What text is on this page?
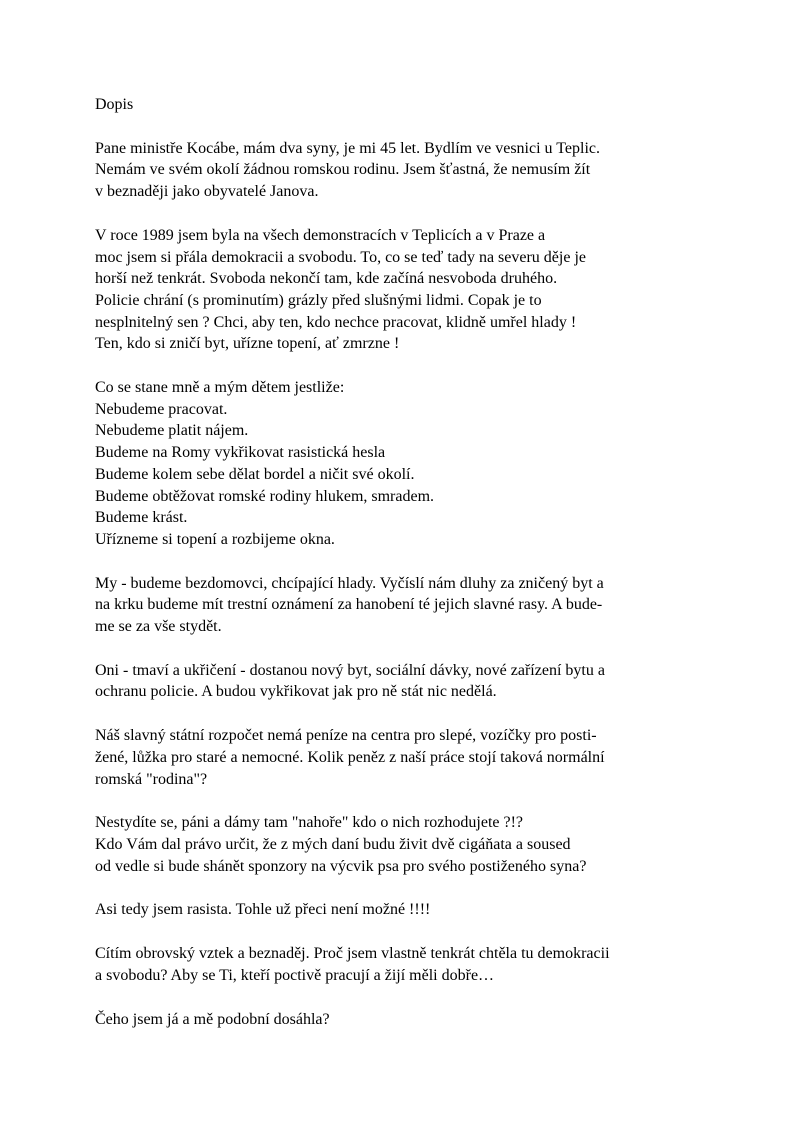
Dopis
Pane ministře Kocábe, mám dva syny, je mi 45 let. Bydlím ve vesnici u Teplic.
Nemám ve svém okolí žádnou romskou rodinu. Jsem šťastná, že nemusím žít
v beznaději jako obyvatelé Janova.
V roce 1989 jsem byla na všech demonstracích v Teplicích a v Praze a
moc jsem si přála demokracii a svobodu. To, co se teď tady na severu děje je
horší než tenkrát. Svoboda nekončí tam, kde začíná nesvoboda druhého.
Policie chrání (s prominutím) grázly před slušnými lidmi. Copak je to
nesplnitelný sen ? Chci, aby ten, kdo nechce pracovat, klidně umřel hlady !
Ten, kdo si zničí byt, uřízne topení, ať zmrzne !
Co se stane mně a mým dětem jestliže:
Nebudeme pracovat.
Nebudeme platit nájem.
Budeme na Romy vykřikovat rasistická hesla
Budeme kolem sebe dělat bordel a ničit své okolí.
Budeme obtěžovat romské rodiny hlukem, smradem.
Budeme krást.
Uřízneme si topení a rozbijeme okna.
My - budeme bezdomovci, chcípající hlady. Vyčíslí nám dluhy za zničený byt a
na krku budeme mít trestní oznámení za hanobení té jejich slavné rasy. A bude-
me se za vše stydět.
Oni - tmaví a ukřičení - dostanou nový byt, sociální dávky, nové zařízení bytu a
ochranu policie. A budou vykřikovat jak pro ně stát nic nedělá.
Náš slavný státní rozpočet nemá peníze na centra pro slepé, vozíčky pro posti-
žené, lůžka pro staré a nemocné. Kolik peněz z naší práce stojí taková normální
romská "rodina"?
Nestydíte se, páni a dámy tam "nahoře" kdo o nich rozhodujete ?!?
Kdo Vám dal právo určit, že z mých daní budu živit dvě cigáňata a soused
od vedle si bude shánět sponzory na výcvik psa pro svého postiženého syna?
Asi tedy jsem rasista. Tohle už přeci není možné !!!!
Cítím obrovský vztek a beznaděj. Proč jsem vlastně tenkrát chtěla tu demokracii
a svobodu? Aby se Ti, kteří poctivě pracují a žijí měli dobře…
Čeho jsem já a mě podobní dosáhla?
